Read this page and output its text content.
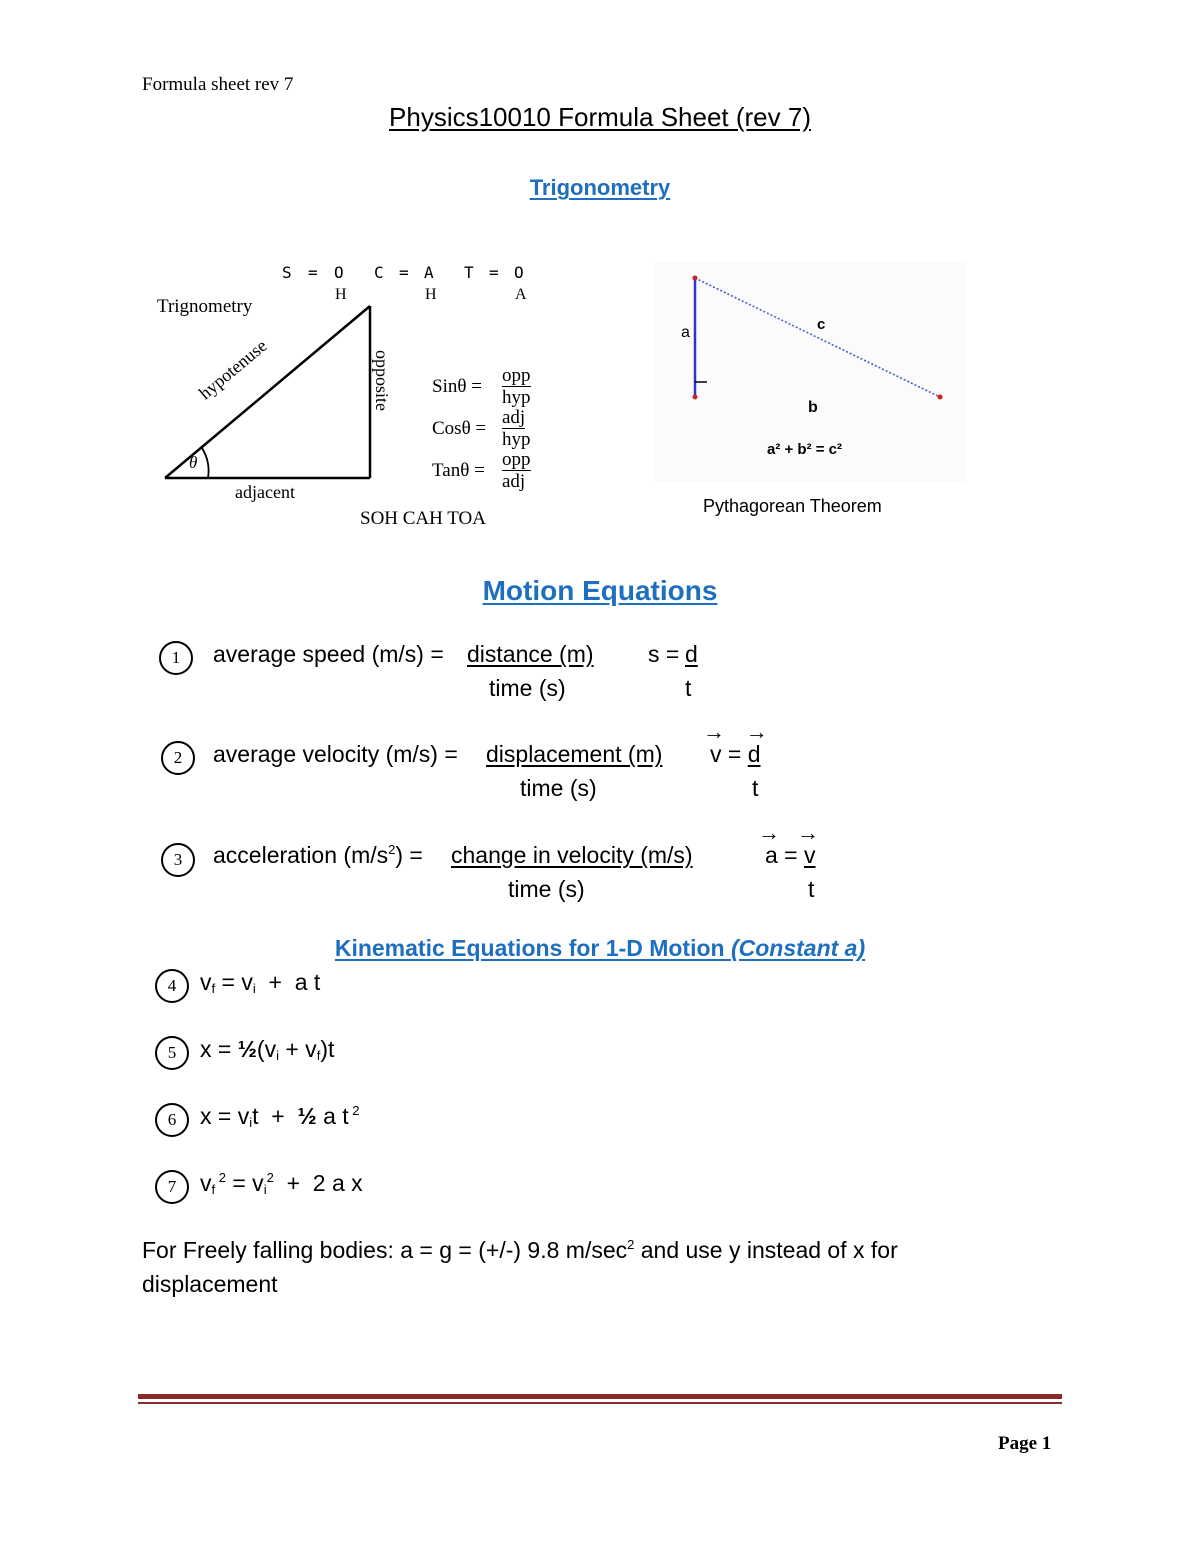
Formula sheet rev 7
Physics10010 Formula Sheet (rev 7)
Trigonometry
Trignometry
θ
hypotenuse	opposite
adjacent
S = O C = A T = O
H	H	A
Sinθ =
opp
hyp
Cosθ =
adj
hyp
Tanθ =
opp
adj
SOH CAH TOA
a	c
b
a² + b² = c²
Pythagorean Theorem
Motion Equations
1	average speed (m/s) = distance (m)
time (s)
s = d
t
2	average velocity (m/s) = displacement (m)
time (s)
→
v =
→
d
t
3	acceleration $(m/s^2)$ = change in velocity (m/s)
time (s)
→
a =
→
v
t
Kinematic Equations for 1-D Motion (Constant a)
4	$v_f = v_i + a$ t
5	$x = \frac{1}{2}(v_i + v_f)t$
6	$x = v_it$  +  ½ a t $^2$
7	$v_f$ $^2 = v_i^2 + 2$ a x
For Freely falling bodies: a = g = (+/-) 9.8 $m/\sec^2$ and use y instead of x for
displacement
Page 1
